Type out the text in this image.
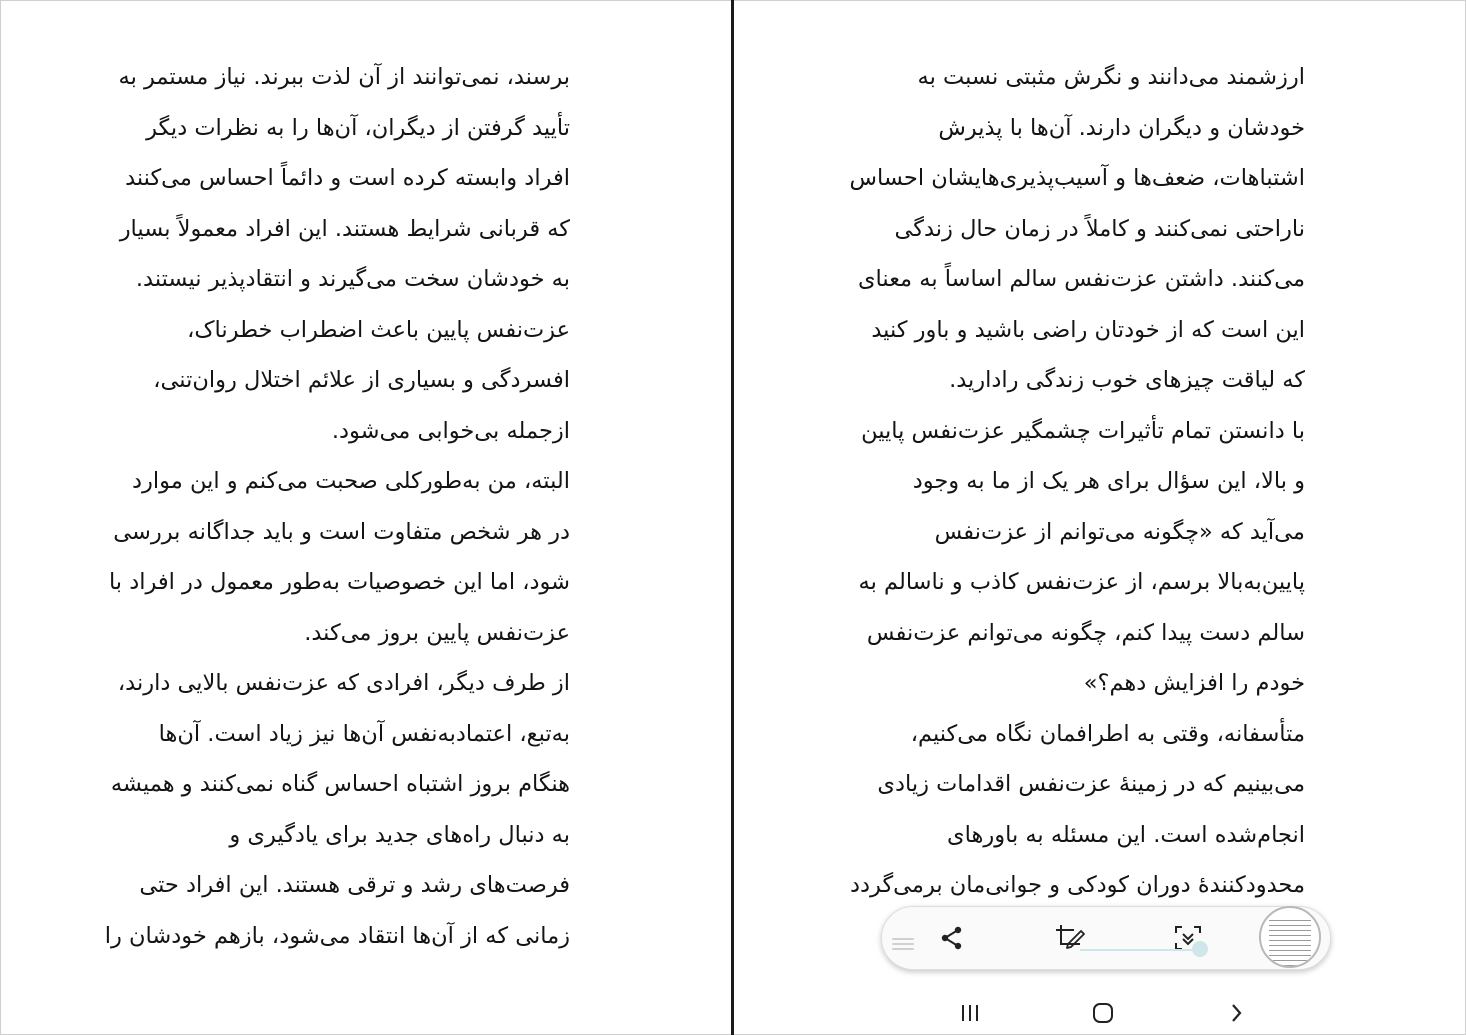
برسند، نمی‌توانند از آن لذت ببرند. نیاز مستمر به
تأیید گرفتن از دیگران، آن‌ها را به نظرات دیگر
افراد وابسته کرده است و دائماً احساس می‌کنند
که قربانی شرایط هستند. این افراد معمولاً بسیار
به خودشان سخت می‌گیرند و انتقادپذیر نیستند.
عزت‌نفس پایین باعث اضطراب خطرناک،
افسردگی و بسیاری از علائم اختلال روان‌تنی،
ازجمله بی‌خوابی می‌شود.
البته، من به‌طورکلی صحبت می‌کنم و این موارد
در هر شخص متفاوت است و باید جداگانه بررسی
شود، اما این خصوصیات به‌طور معمول در افراد با
عزت‌نفس پایین بروز می‌کند.
از طرف دیگر، افرادی که عزت‌نفس بالایی دارند،
به‌تبع، اعتمادبه‌نفس آن‌ها نیز زیاد است. آن‌ها
هنگام بروز اشتباه احساس گناه نمی‌کنند و همیشه
به دنبال راه‌های جدید برای یادگیری و
فرصت‌های رشد و ترقی هستند. این افراد حتی
زمانی که از آن‌ها انتقاد می‌شود، بازهم خودشان را
ارزشمند می‌دانند و نگرش مثبتی نسبت به
خودشان و دیگران دارند. آن‌ها با پذیرش
اشتباهات، ضعف‌ها و آسیب‌پذیری‌هایشان احساس
ناراحتی نمی‌کنند و کاملاً در زمان حال زندگی
می‌کنند. داشتن عزت‌نفس سالم اساساً به معنای
این است که از خودتان راضی باشید و باور کنید
که لیاقت چیزهای خوب زندگی رادارید.
با دانستن تمام تأثیرات چشمگیر عزت‌نفس پایین
و بالا، این سؤال برای هر یک از ما به وجود
می‌آید که «چگونه می‌توانم از عزت‌نفس
پایین‌به‌بالا برسم، از عزت‌نفس کاذب و ناسالم به
سالم دست پیدا کنم، چگونه می‌توانم عزت‌نفس
خودم را افزایش دهم؟»
متأسفانه، وقتی به اطرافمان نگاه می‌کنیم،
می‌بینیم که در زمینۀ عزت‌نفس اقدامات زیادی
انجام‌شده است. این مسئله به باورهای
محدودکنندۀ دوران کودکی و جوانی‌مان برمی‌گردد
